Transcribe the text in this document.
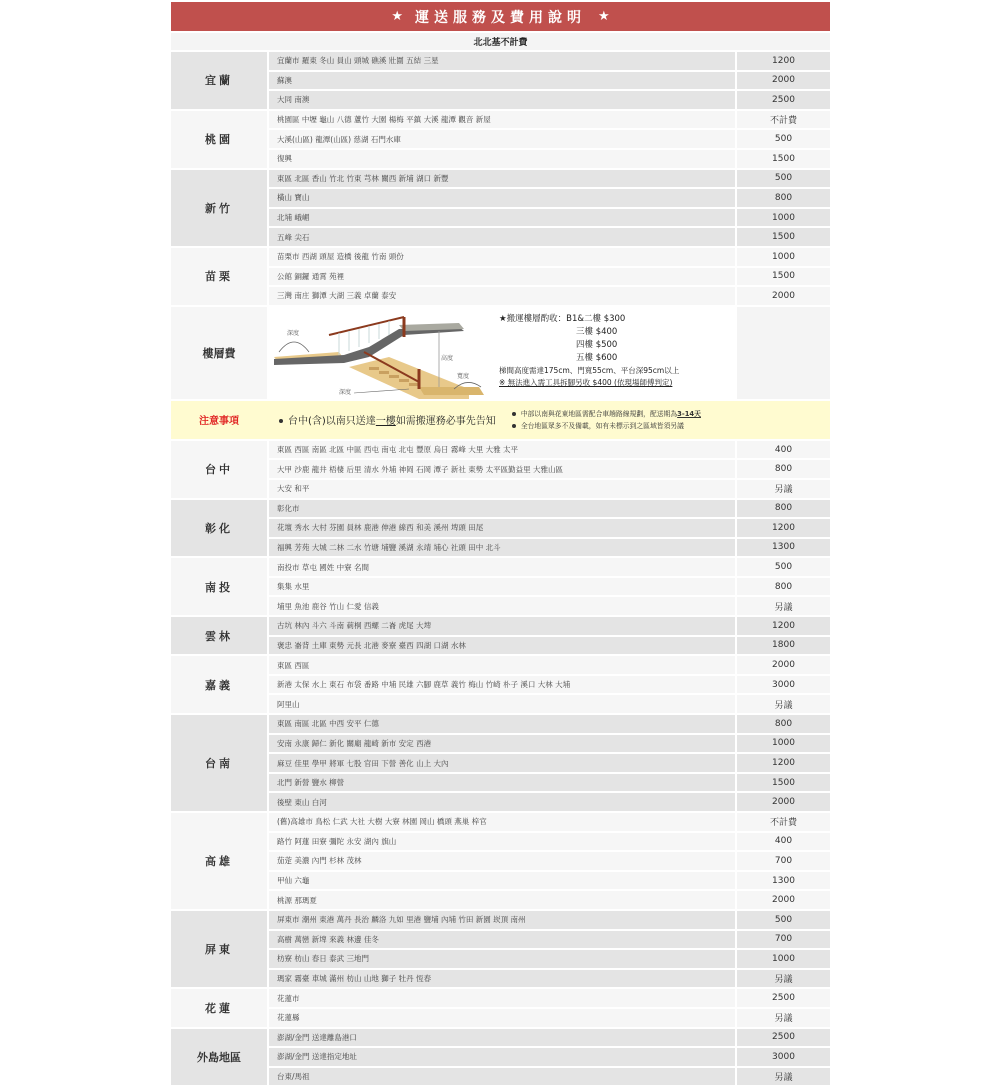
★ 運送服務及費用說明 ★
北北基不計費
宜蘭
宜蘭市 羅東 冬山 員山 頭城 礁溪 壯圍 五結 三星	1200
蘇澳	2000
大同 南澳	2500
桃園
桃園區 中壢 龜山 八德 蘆竹 大園 楊梅 平鎮 大溪 龍潭 觀音 新屋	不計費
大溪(山區) 龍潭(山區) 慈湖 石門水庫	500
復興	1500
新竹
東區 北區 香山 竹北 竹東 芎林 關西 新埔 湖口 新豐	500
橫山 寶山	800
北埔 峨嵋	1000
五峰 尖石	1500
苗栗
苗栗市 西湖 頭屋 造橋 後龍 竹南 頭份	1000
公館 銅鑼 通霄 苑裡	1500
三灣 南庄 獅潭 大湖 三義 卓蘭 泰安	2000
樓層費
深度
高度
寬度
深度
★搬運樓層酌收：B1&二樓 $300
三樓 $400
四樓 $500
五樓 $600
梯間高度需達175cm、門寬55cm、平台深95cm以上
※ 無法進入需工具拆腳另收 $400 (依現場師傅判定)
注意事項	台中(含)以南只送達一樓如需搬運務必事先告知
中部以南與花東地區需配合車趟路線規劃，配送期為3-14天
全台地區眾多不及備載，如有未標示到之區域皆須另議
台中
東區 西區 南區 北區 中區 西屯 南屯 北屯 豐原 烏日 霧峰 大里 大雅 太平	400
大甲 沙鹿 龍井 梧棲 后里 清水 外埔 神岡 石岡 潭子 新社 東勢 太平區勤益里 大雅山區	800
大安 和平	另議
彰化
彰化市	800
花壇 秀水 大村 芬園 員林 鹿港 伸港 線西 和美 溪州 埤頭 田尾	1200
福興 芳苑 大城 二林 二水 竹塘 埔鹽 溪湖 永靖 埔心 社頭 田中 北斗	1300
南投
南投市 草屯 國姓 中寮 名間	500
集集 水里	800
埔里 魚池 鹿谷 竹山 仁愛 信義	另議
雲林
古坑 林內 斗六 斗南 莿桐 西螺 二崙 虎尾 大埤	1200
褒忠 崙背 土庫 東勢 元長 北港 麥寮 臺西 四湖 口湖 水林	1800
嘉義
東區 西區	2000
新港 太保 水上 東石 布袋 番路 中埔 民雄 六腳 鹿草 義竹 梅山 竹崎 朴子 溪口 大林 大埔	3000
阿里山	另議
台南
東區 南區 北區 中西 安平 仁德	800
安南 永康 歸仁 新化 關廟 龍崎 新市 安定 西港	1000
麻豆 佳里 學甲 將軍 七股 官田 下營 善化 山上 大內	1200
北門 新營 鹽水 柳營	1500
後壁 東山 白河	2000
高雄
(舊)高雄市 鳥松 仁武 大社 大樹 大寮 林園 岡山 橋頭 燕巢 梓官	不計費
路竹 阿蓮 田寮 彌陀 永安 湖內 旗山	400
茄萣 美濃 內門 杉林 茂林	700
甲仙 六龜	1300
桃源 那瑪夏	2000
屏東
屏東市 潮州 東港 萬丹 長治 麟洛 九如 里港 鹽埔 內埔 竹田 新園 崁頂 南州	500
高樹 萬巒 新埤 來義 林邊 佳冬	700
枋寮 枋山 春日 泰武 三地門	1000
瑪家 霧臺 車城 滿州 枋山 山地 獅子 牡丹 恆春	另議
花蓮
花蓮市	2500
花蓮縣	另議
外島地區
澎湖/金門 送達離島港口	2500
澎湖/金門 送達指定地址	3000
台東/馬祖	另議
